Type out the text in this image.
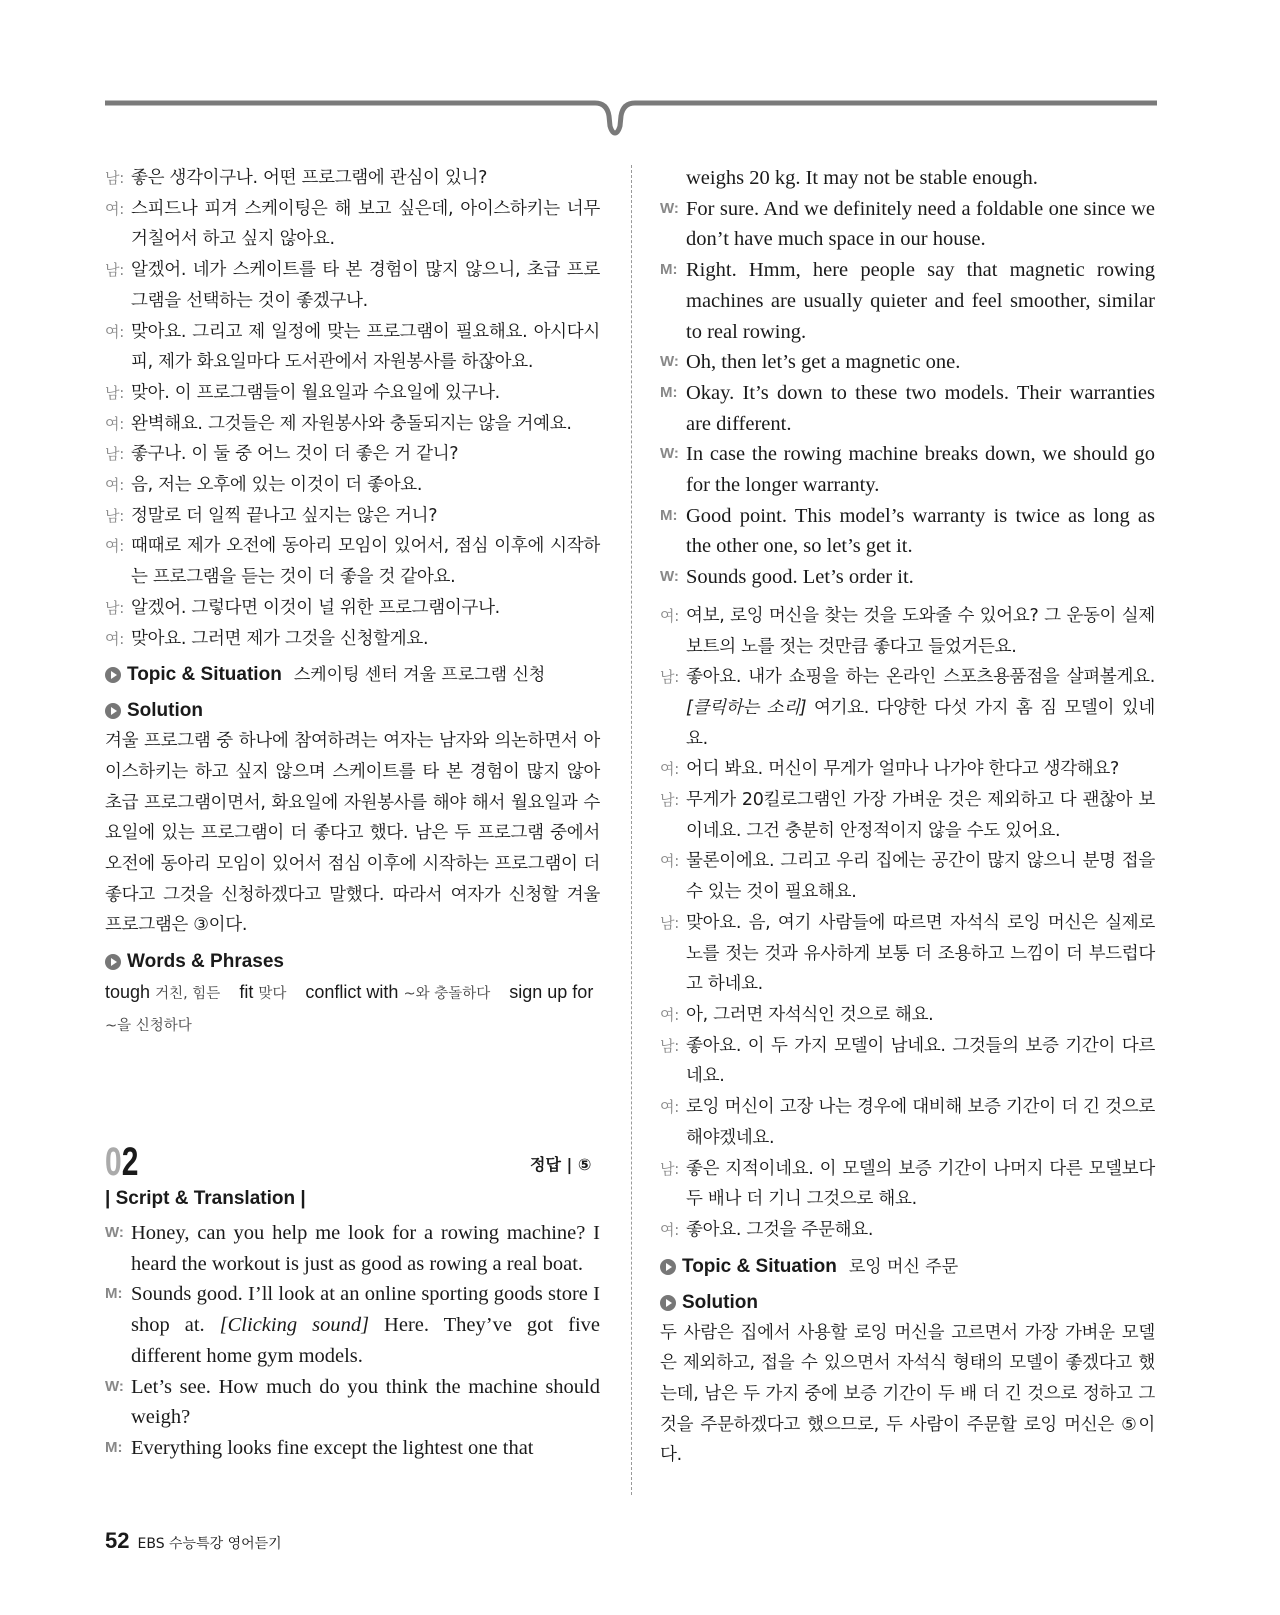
남: 좋은 생각이구나. 어떤 프로그램에 관심이 있니?
여: 스피드나 피겨 스케이팅은 해 보고 싶은데, 아이스하키는 너무 거칠어서 하고 싶지 않아요.
남: 알겠어. 네가 스케이트를 타 본 경험이 많지 않으니, 초급 프로그램을 선택하는 것이 좋겠구나.
여: 맞아요. 그리고 제 일정에 맞는 프로그램이 필요해요. 아시다시피, 제가 화요일마다 도서관에서 자원봉사를 하잖아요.
남: 맞아. 이 프로그램들이 월요일과 수요일에 있구나.
여: 완벽해요. 그것들은 제 자원봉사와 충돌되지는 않을 거예요.
남: 좋구나. 이 둘 중 어느 것이 더 좋은 거 같니?
여: 음, 저는 오후에 있는 이것이 더 좋아요.
남: 정말로 더 일찍 끝나고 싶지는 않은 거니?
여: 때때로 제가 오전에 동아리 모임이 있어서, 점심 이후에 시작하는 프로그램을 듣는 것이 더 좋을 것 같아요.
남: 알겠어. 그렇다면 이것이 널 위한 프로그램이구나.
여: 맞아요. 그러면 제가 그것을 신청할게요.
Topic & Situation 스케이팅 센터 겨울 프로그램 신청
Solution
겨울 프로그램 중 하나에 참여하려는 여자는 남자와 의논하면서 아이스하키는 하고 싶지 않으며 스케이트를 타 본 경험이 많지 않아 초급 프로그램이면서, 화요일에 자원봉사를 해야 해서 월요일과 수요일에 있는 프로그램이 더 좋다고 했다. 남은 두 프로그램 중에서 오전에 동아리 모임이 있어서 점심 이후에 시작하는 프로그램이 더 좋다고 그것을 신청하겠다고 말했다. 따라서 여자가 신청할 겨울 프로그램은 ③이다.
Words & Phrases
tough 거친, 힘든 fit 맞다 conflict with ~와 충돌하다 sign up for ~을 신청하다
02	정답 | ⑤
| Script & Translation |
W: Honey, can you help me look for a rowing machine? I heard the workout is just as good as rowing a real boat.
M: Sounds good. I’ll look at an online sporting goods store I shop at. [Clicking sound] Here. They’ve got five different home gym models.
W: Let’s see. How much do you think the machine should weigh?
M: Everything looks fine except the lightest one that
weighs 20 kg. It may not be stable enough.
W: For sure. And we definitely need a foldable one since we don’t have much space in our house.
M: Right. Hmm, here people say that magnetic rowing machines are usually quieter and feel smoother, similar to real rowing.
W: Oh, then let’s get a magnetic one.
M: Okay. It’s down to these two models. Their warranties are different.
W: In case the rowing machine breaks down, we should go for the longer warranty.
M: Good point. This model’s warranty is twice as long as the other one, so let’s get it.
W: Sounds good. Let’s order it.
여: 여보, 로잉 머신을 찾는 것을 도와줄 수 있어요? 그 운동이 실제 보트의 노를 젓는 것만큼 좋다고 들었거든요.
남: 좋아요. 내가 쇼핑을 하는 온라인 스포츠용품점을 살펴볼게요. [클릭하는 소리] 여기요. 다양한 다섯 가지 홈 짐 모델이 있네요.
여: 어디 봐요. 머신이 무게가 얼마나 나가야 한다고 생각해요?
남: 무게가 20킬로그램인 가장 가벼운 것은 제외하고 다 괜찮아 보이네요. 그건 충분히 안정적이지 않을 수도 있어요.
여: 물론이에요. 그리고 우리 집에는 공간이 많지 않으니 분명 접을 수 있는 것이 필요해요.
남: 맞아요. 음, 여기 사람들에 따르면 자석식 로잉 머신은 실제로 노를 젓는 것과 유사하게 보통 더 조용하고 느낌이 더 부드럽다고 하네요.
여: 아, 그러면 자석식인 것으로 해요.
남: 좋아요. 이 두 가지 모델이 남네요. 그것들의 보증 기간이 다르네요.
여: 로잉 머신이 고장 나는 경우에 대비해 보증 기간이 더 긴 것으로 해야겠네요.
남: 좋은 지적이네요. 이 모델의 보증 기간이 나머지 다른 모델보다 두 배나 더 기니 그것으로 해요.
여: 좋아요. 그것을 주문해요.
Topic & Situation 로잉 머신 주문
Solution
두 사람은 집에서 사용할 로잉 머신을 고르면서 가장 가벼운 모델은 제외하고, 접을 수 있으면서 자석식 형태의 모델이 좋겠다고 했는데, 남은 두 가지 중에 보증 기간이 두 배 더 긴 것으로 정하고 그것을 주문하겠다고 했으므로, 두 사람이 주문할 로잉 머신은 ⑤이다.
52 EBS 수능특강 영어듣기
